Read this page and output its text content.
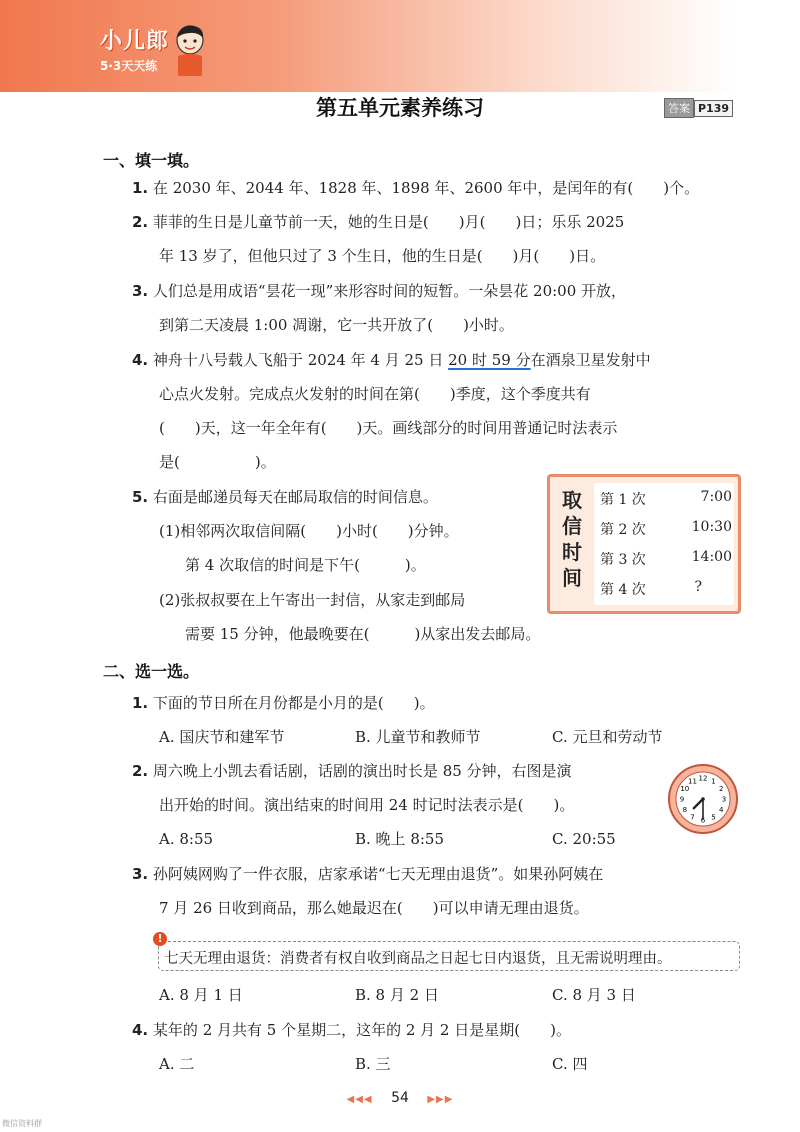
小儿郎
5·3天天练
第五单元素养练习	答案 P139
一、填一填。
1. 在 2030 年、2044 年、1828 年、1898 年、2600 年中，是闰年的有(　　)个。
2. 菲菲的生日是儿童节前一天，她的生日是(　　)月(　　)日；乐乐 2025
年 13 岁了，但他只过了 3 个生日，他的生日是(　　)月(　　)日。
3. 人们总是用成语“昙花一现”来形容时间的短暂。一朵昙花 20:00 开放，
到第二天凌晨 1:00 凋谢，它一共开放了(　　)小时。
4. 神舟十八号载人飞船于 2024 年 4 月 25 日 20 时 59 分在酒泉卫星发射中
心点火发射。完成点火发射的时间在第(　　)季度，这个季度共有
(　　)天，这一年全年有(　　)天。画线部分的时间用普通记时法表示
是(　　　　　)。
5. 右面是邮递员每天在邮局取信的时间信息。
(1)相邻两次取信间隔(　　)小时(　　)分钟。
第 4 次取信的时间是下午(　　　)。
(2)张叔叔要在上午寄出一封信，从家走到邮局
需要 15 分钟，他最晚要在(　　　)从家出发去邮局。
取
信
时
间
第 1 次	7:00
第 2 次	10:30
第 3 次	14:00
第 4 次	?
二、选一选。
1. 下面的节日所在月份都是小月的是(　　)。
A. 国庆节和建军节	B. 儿童节和教师节	C. 元旦和劳动节
2. 周六晚上小凯去看话剧，话剧的演出时长是 85 分钟，右图是演
出开始的时间。演出结束的时间用 24 时记时法表示是(　　)。
A. 8:55	B. 晚上 8:55	C. 20:55
1
2
3
4
5
6
7
8
9
10
11 12
3. 孙阿姨网购了一件衣服，店家承诺“七天无理由退货”。如果孙阿姨在
7 月 26 日收到商品，那么她最迟在(　　)可以申请无理由退货。
!
七天无理由退货：消费者有权自收到商品之日起七日内退货，且无需说明理由。
A. 8 月 1 日	B. 8 月 2 日	C. 8 月 3 日
4. 某年的 2 月共有 5 个星期二，这年的 2 月 2 日是星期(　　)。
A. 二	B. 三	C. 四
◀◀◀ 54 ▶▶▶
微信资料群
